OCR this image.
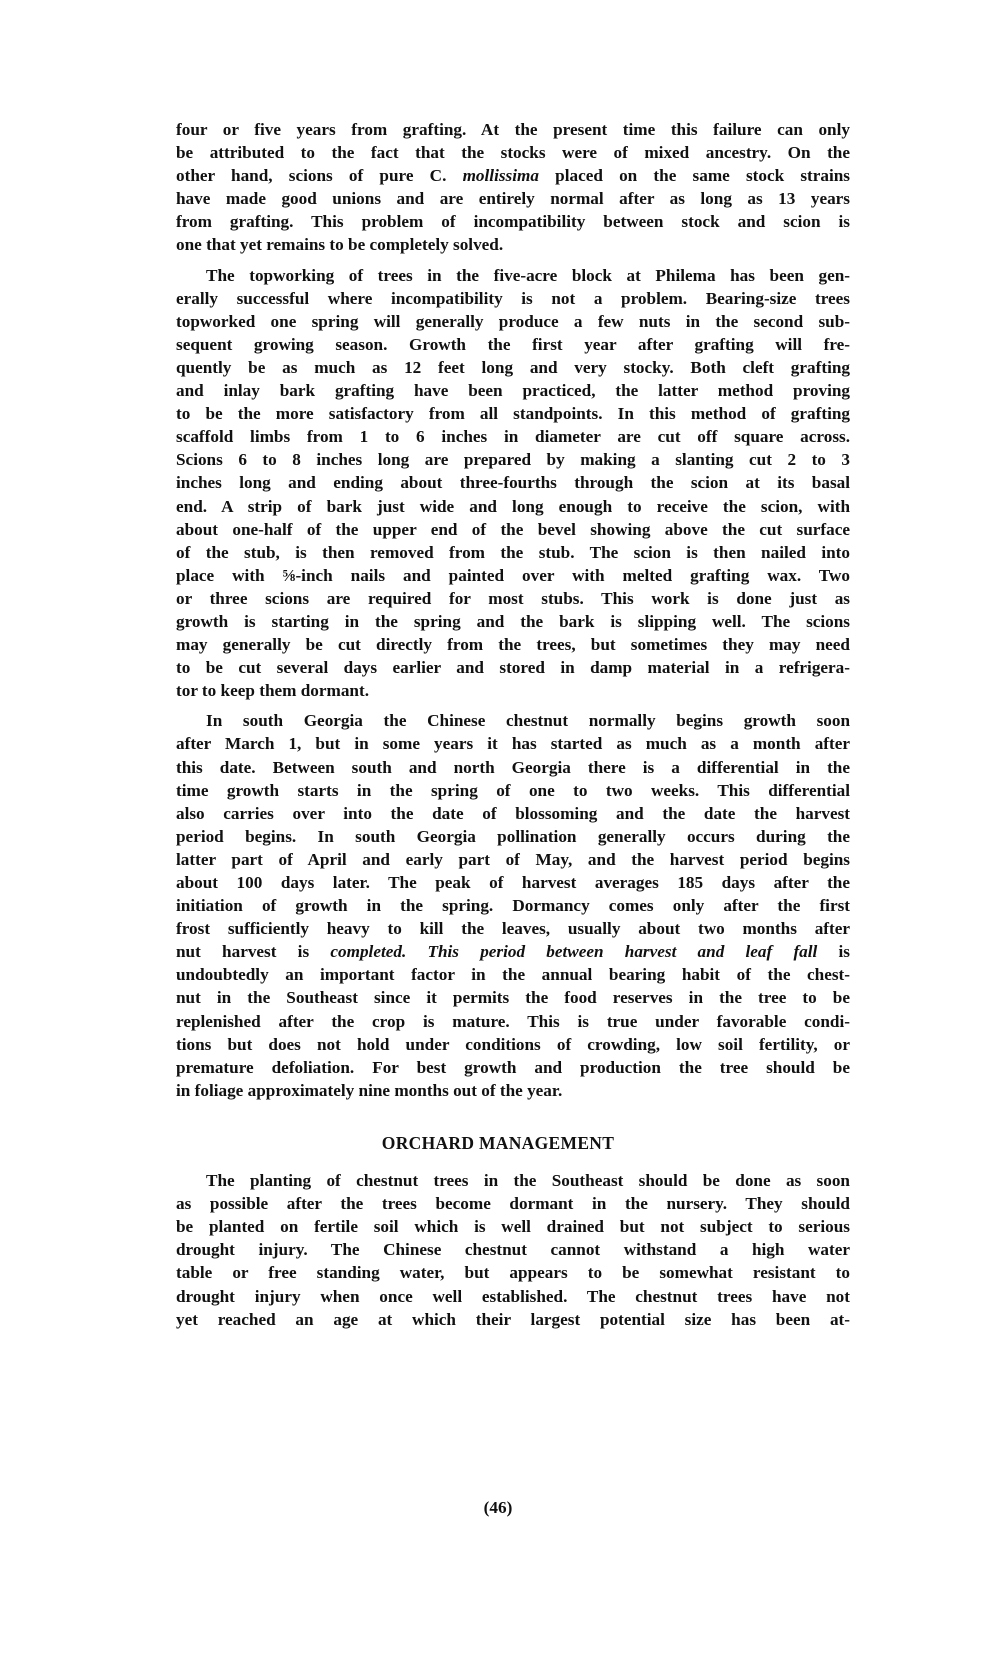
four or five years from grafting. At the present time this failure can only
be attributed to the fact that the stocks were of mixed ancestry. On the
other hand, scions of pure C. mollissima placed on the same stock strains
have made good unions and are entirely normal after as long as 13 years
from grafting. This problem of incompatibility between stock and scion is
one that yet remains to be completely solved.
The topworking of trees in the five-acre block at Philema has been gen-
erally successful where incompatibility is not a problem. Bearing-size trees
topworked one spring will generally produce a few nuts in the second sub-
sequent growing season. Growth the first year after grafting will fre-
quently be as much as 12 feet long and very stocky. Both cleft grafting
and inlay bark grafting have been practiced, the latter method proving
to be the more satisfactory from all standpoints. In this method of grafting
scaffold limbs from 1 to 6 inches in diameter are cut off square across.
Scions 6 to 8 inches long are prepared by making a slanting cut 2 to 3
inches long and ending about three-fourths through the scion at its basal
end. A strip of bark just wide and long enough to receive the scion, with
about one-half of the upper end of the bevel showing above the cut surface
of the stub, is then removed from the stub. The scion is then nailed into
place with ⅝-inch nails and painted over with melted grafting wax. Two
or three scions are required for most stubs. This work is done just as
growth is starting in the spring and the bark is slipping well. The scions
may generally be cut directly from the trees, but sometimes they may need
to be cut several days earlier and stored in damp material in a refrigera-
tor to keep them dormant.
In south Georgia the Chinese chestnut normally begins growth soon
after March 1, but in some years it has started as much as a month after
this date. Between south and north Georgia there is a differential in the
time growth starts in the spring of one to two weeks. This differential
also carries over into the date of blossoming and the date the harvest
period begins. In south Georgia pollination generally occurs during the
latter part of April and early part of May, and the harvest period begins
about 100 days later. The peak of harvest averages 185 days after the
initiation of growth in the spring. Dormancy comes only after the first
frost sufficiently heavy to kill the leaves, usually about two months after
nut harvest is completed. This period between harvest and leaf fall is
undoubtedly an important factor in the annual bearing habit of the chest-
nut in the Southeast since it permits the food reserves in the tree to be
replenished after the crop is mature. This is true under favorable condi-
tions but does not hold under conditions of crowding, low soil fertility, or
premature defoliation. For best growth and production the tree should be
in foliage approximately nine months out of the year.
ORCHARD MANAGEMENT
The planting of chestnut trees in the Southeast should be done as soon
as possible after the trees become dormant in the nursery. They should
be planted on fertile soil which is well drained but not subject to serious
drought injury. The Chinese chestnut cannot withstand a high water
table or free standing water, but appears to be somewhat resistant to
drought injury when once well established. The chestnut trees have not
yet reached an age at which their largest potential size has been at-
(46)
